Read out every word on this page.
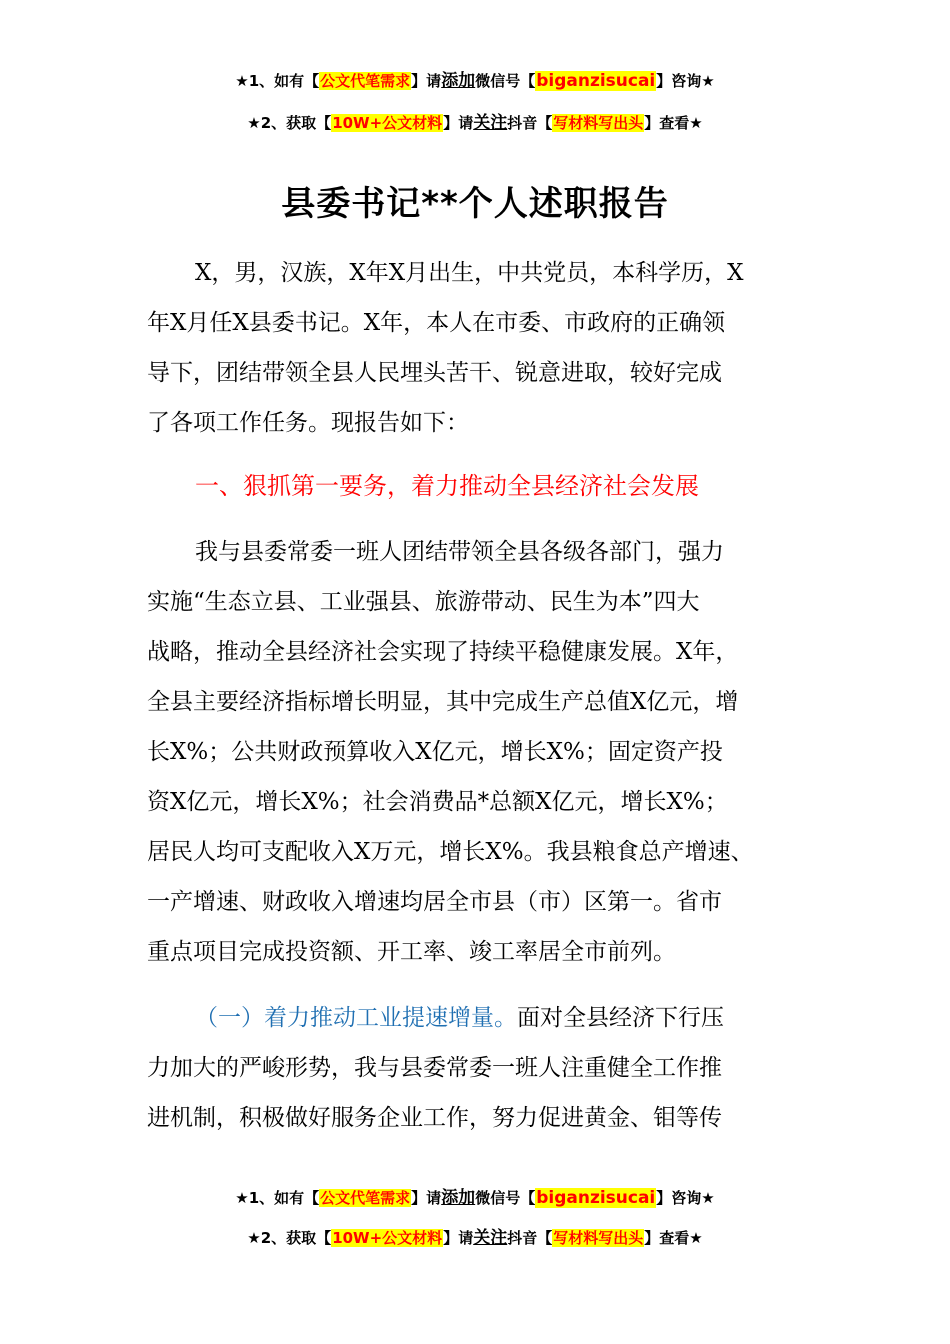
★1、如有【公文代笔需求】请添加微信号【biganzisucai】咨询★
★2、获取【10W+公文材料】请关注抖音【写材料写出头】查看★
县委书记**个人述职报告
X，男，汉族，X年X月出生，中共党员，本科学历，X
年X月任X县委书记。X年，本人在市委、市政府的正确领
导下，团结带领全县人民埋头苦干、锐意进取，较好完成
了各项工作任务。现报告如下：
一、狠抓第一要务，着力推动全县经济社会发展
我与县委常委一班人团结带领全县各级各部门，强力
实施“生态立县、工业强县、旅游带动、民生为本”四大
战略，推动全县经济社会实现了持续平稳健康发展。X年，
全县主要经济指标增长明显，其中完成生产总值X亿元，增
长X%；公共财政预算收入X亿元，增长X%；固定资产投
资X亿元，增长X%；社会消费品*总额X亿元，增长X%；
居民人均可支配收入X万元，增长X%。我县粮食总产增速、
一产增速、财政收入增速均居全市县（市）区第一。省市
重点项目完成投资额、开工率、竣工率居全市前列。
（一）着力推动工业提速增量。面对全县经济下行压
力加大的严峻形势，我与县委常委一班人注重健全工作推
进机制，积极做好服务企业工作，努力促进黄金、钼等传
★1、如有【公文代笔需求】请添加微信号【biganzisucai】咨询★
★2、获取【10W+公文材料】请关注抖音【写材料写出头】查看★
